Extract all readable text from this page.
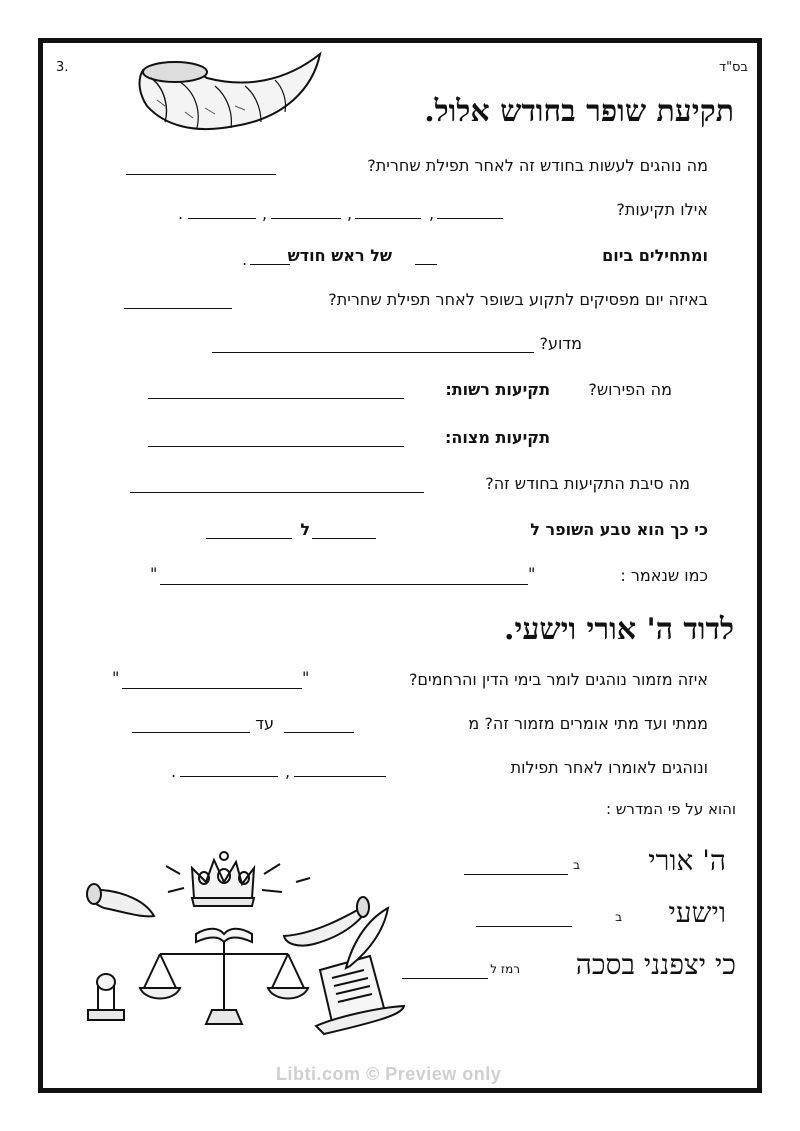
בס"ד
3.
תקיעת שופר בחודש אלול.
מה נוהגים לעשות בחודש זה לאחר תפילת שחרית?
אילו תקיעות?
,
,
,
.
ומתחילים ביום
של ראש חודש
.
באיזה יום מפסיקים לתקוע בשופר לאחר תפילת שחרית?
מדוע?
מה הפירוש?
תקיעות רשות:
תקיעות מצוה:
מה סיבת התקיעות בחודש זה?
כי כך הוא טבע השופר ל
ל
כמו שנאמר :
"
"
לדוד ה' אורי וישעי.
איזה מזמור נוהגים לומר בימי הדין והרחמים?
"
"
ממתי ועד מתי אומרים מזמור זה? מ
עד
ונוהגים לאומרו לאחר תפילות
,
.
והוא על פי המדרש :
ה' אורי
ב
וישעי
ב
כי יצפנני בסכה
רמז ל
Libti.com © Preview only
